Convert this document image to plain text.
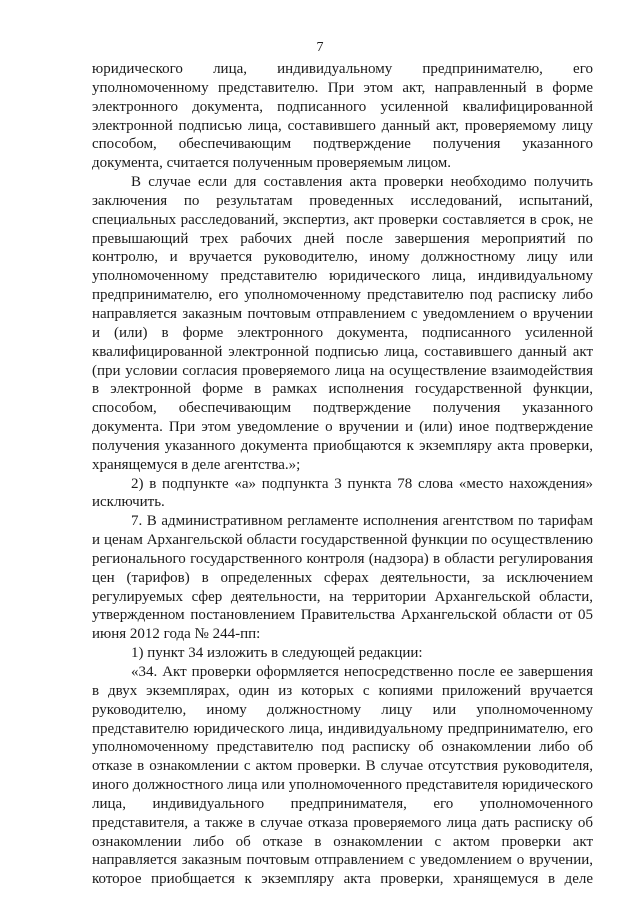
7

юридического лица, индивидуальному предпринимателю, его уполномоченному представителю. При этом акт, направленный в форме электронного документа, подписанного усиленной квалифицированной электронной подписью лица, составившего данный акт, проверяемому лицу способом, обеспечивающим подтверждение получения указанного документа, считается полученным проверяемым лицом.

В случае если для составления акта проверки необходимо получить заключения по результатам проведенных исследований, испытаний, специальных расследований, экспертиз, акт проверки составляется в срок, не превышающий трех рабочих дней после завершения мероприятий по контролю, и вручается руководителю, иному должностному лицу или уполномоченному представителю юридического лица, индивидуальному предпринимателю, его уполномоченному представителю под расписку либо направляется заказным почтовым отправлением с уведомлением о вручении и (или) в форме электронного документа, подписанного усиленной квалифицированной электронной подписью лица, составившего данный акт (при условии согласия проверяемого лица на осуществление взаимодействия в электронной форме в рамках исполнения государственной функции, способом, обеспечивающим подтверждение получения указанного документа. При этом уведомление о вручении и (или) иное подтверждение получения указанного документа приобщаются к экземпляру акта проверки, хранящемуся в деле агентства.»;

2) в подпункте «а» подпункта 3 пункта 78 слова «место нахождения» исключить.

7. В административном регламенте исполнения агентством по тарифам и ценам Архангельской области государственной функции по осуществлению регионального государственного контроля (надзора) в области регулирования цен (тарифов) в определенных сферах деятельности, за исключением регулируемых сфер деятельности, на территории Архангельской области, утвержденном постановлением Правительства Архангельской области от 05 июня 2012 года № 244-пп:

1) пункт 34 изложить в следующей редакции:

«34. Акт проверки оформляется непосредственно после ее завершения в двух экземплярах, один из которых с копиями приложений вручается руководителю, иному должностному лицу или уполномоченному представителю юридического лица, индивидуальному предпринимателю, его уполномоченному представителю под расписку об ознакомлении либо об отказе в ознакомлении с актом проверки. В случае отсутствия руководителя, иного должностного лица или уполномоченного представителя юридического лица, индивидуального предпринимателя, его уполномоченного представителя, а также в случае отказа проверяемого лица дать расписку об ознакомлении либо об отказе в ознакомлении с актом проверки акт направляется заказным почтовым отправлением с уведомлением о вручении, которое приобщается к экземпляру акта проверки, хранящемуся в деле
